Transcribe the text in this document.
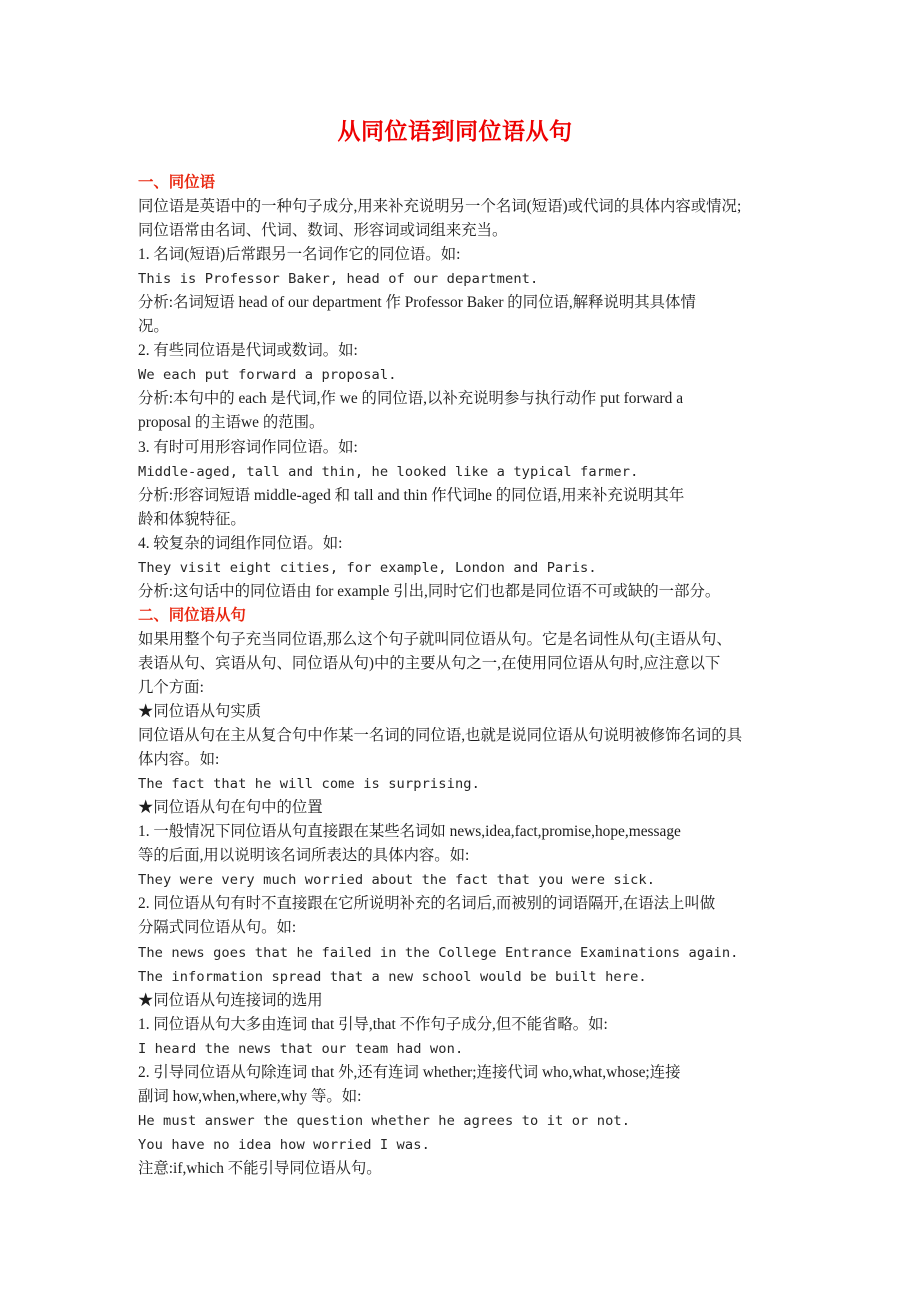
从同位语到同位语从句
一、同位语
同位语是英语中的一种句子成分,用来补充说明另一个名词(短语)或代词的具体内容或情况;
同位语常由名词、代词、数词、形容词或词组来充当。
1. 名词(短语)后常跟另一名词作它的同位语。如:
This is Professor Baker, head of our department.
分析:名词短语 head of our department 作 Professor Baker 的同位语,解释说明其具体情
况。
2. 有些同位语是代词或数词。如:
We each put forward a proposal.
分析:本句中的 each 是代词,作 we 的同位语,以补充说明参与执行动作 put forward a
proposal 的主语we 的范围。
3. 有时可用形容词作同位语。如:
Middle-aged, tall and thin, he looked like a typical farmer.
分析:形容词短语 middle-aged 和 tall and thin 作代词he 的同位语,用来补充说明其年
龄和体貌特征。
4. 较复杂的词组作同位语。如:
They visit eight cities, for example, London and Paris.
分析:这句话中的同位语由 for example 引出,同时它们也都是同位语不可或缺的一部分。
二、同位语从句
如果用整个句子充当同位语,那么这个句子就叫同位语从句。它是名词性从句(主语从句、
表语从句、宾语从句、同位语从句)中的主要从句之一,在使用同位语从句时,应注意以下
几个方面:
★同位语从句实质
同位语从句在主从复合句中作某一名词的同位语,也就是说同位语从句说明被修饰名词的具
体内容。如:
The fact that he will come is surprising.
★同位语从句在句中的位置
1. 一般情况下同位语从句直接跟在某些名词如 news,idea,fact,promise,hope,message
等的后面,用以说明该名词所表达的具体内容。如:
They were very much worried about the fact that you were sick.
2. 同位语从句有时不直接跟在它所说明补充的名词后,而被别的词语隔开,在语法上叫做
分隔式同位语从句。如:
The news goes that he failed in the College Entrance Examinations again.
The information spread that a new school would be built here.
★同位语从句连接词的选用
1. 同位语从句大多由连词 that 引导,that 不作句子成分,但不能省略。如:
I heard the news that our team had won.
2. 引导同位语从句除连词 that 外,还有连词 whether;连接代词 who,what,whose;连接
副词 how,when,where,why 等。如:
He must answer the question whether he agrees to it or not.
You have no idea how worried I was.
注意:if,which 不能引导同位语从句。
